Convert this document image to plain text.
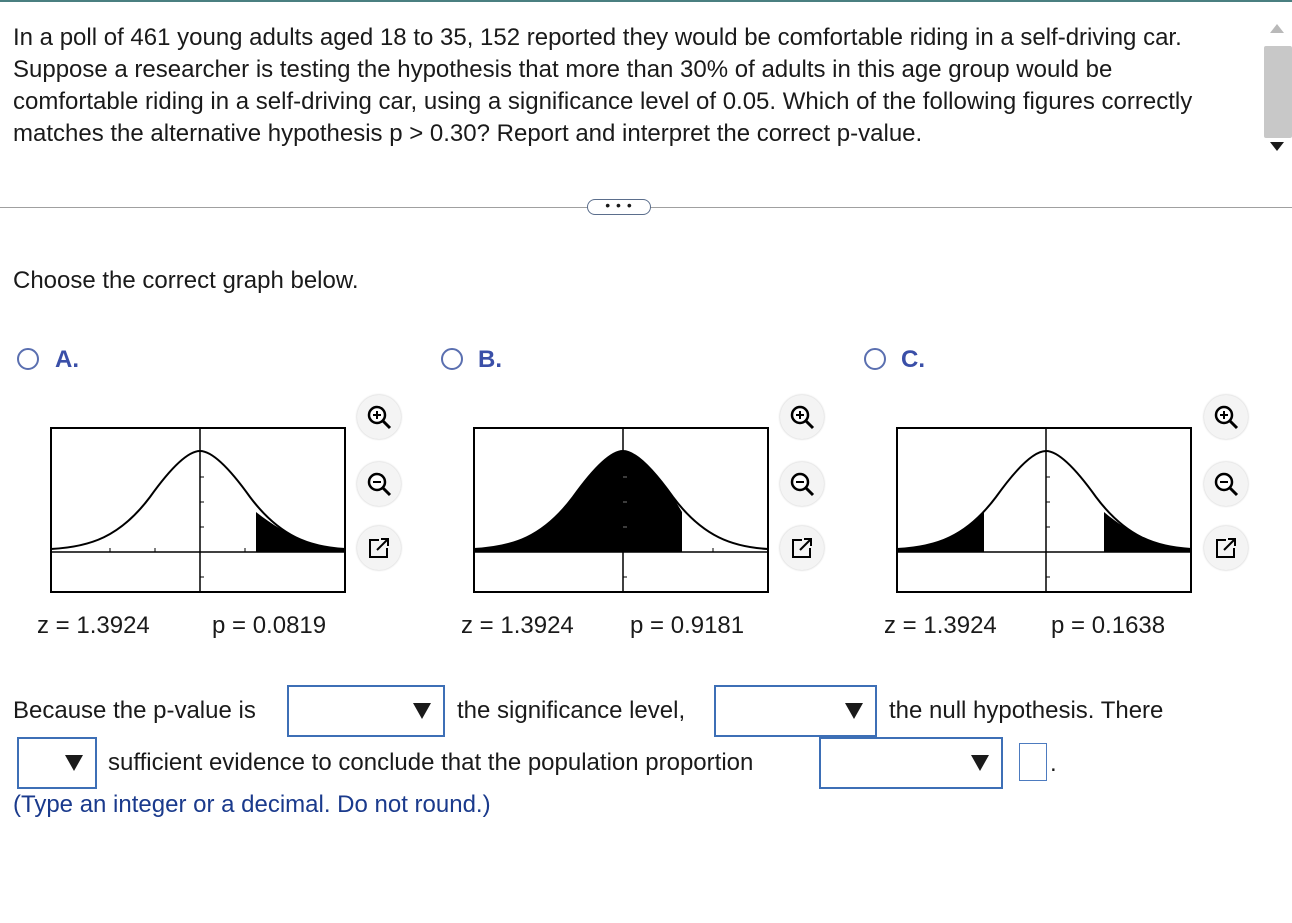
In a poll of 461 young adults aged 18 to 35, 152 reported they would be comfortable riding in a self-driving car. Suppose a researcher is testing the hypothesis that more than 30% of adults in this age group would be comfortable riding in a self-driving car, using a significance level of 0.05. Which of the following figures correctly matches the alternative hypothesis p > 0.30? Report and interpret the correct p-value.
• • •
Choose the correct graph below.
A.
z = 1.3924	p = 0.0819
B.
z = 1.3924 p = 0.9181
C.
z = 1.3924 p = 0.1638
Because the p-value is	the significance level,	the null hypothesis. There
sufficient evidence to conclude that the population proportion	.
(Type an integer or a decimal. Do not round.)
